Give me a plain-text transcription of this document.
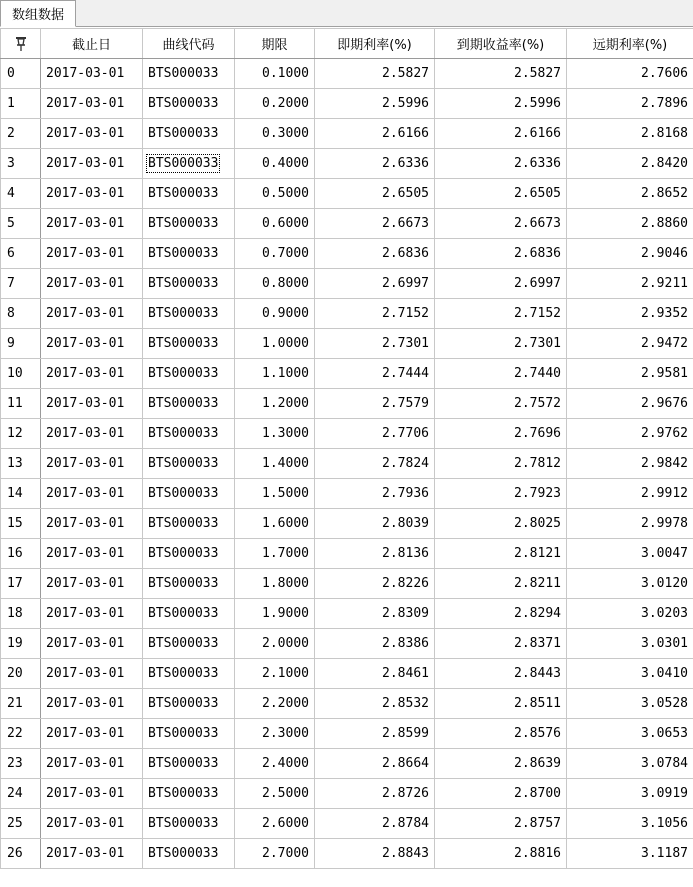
数组数据
	截止日	曲线代码	期限	即期利率(%)	到期收益率(%)	远期利率(%)
0	2017-03-01	BTS000033	0.1000	2.5827	2.5827	2.7606
1	2017-03-01	BTS000033	0.2000	2.5996	2.5996	2.7896
2	2017-03-01	BTS000033	0.3000	2.6166	2.6166	2.8168
3	2017-03-01	BTS000033	0.4000	2.6336	2.6336	2.8420
4	2017-03-01	BTS000033	0.5000	2.6505	2.6505	2.8652
5	2017-03-01	BTS000033	0.6000	2.6673	2.6673	2.8860
6	2017-03-01	BTS000033	0.7000	2.6836	2.6836	2.9046
7	2017-03-01	BTS000033	0.8000	2.6997	2.6997	2.9211
8	2017-03-01	BTS000033	0.9000	2.7152	2.7152	2.9352
9	2017-03-01	BTS000033	1.0000	2.7301	2.7301	2.9472
10	2017-03-01	BTS000033	1.1000	2.7444	2.7440	2.9581
11	2017-03-01	BTS000033	1.2000	2.7579	2.7572	2.9676
12	2017-03-01	BTS000033	1.3000	2.7706	2.7696	2.9762
13	2017-03-01	BTS000033	1.4000	2.7824	2.7812	2.9842
14	2017-03-01	BTS000033	1.5000	2.7936	2.7923	2.9912
15	2017-03-01	BTS000033	1.6000	2.8039	2.8025	2.9978
16	2017-03-01	BTS000033	1.7000	2.8136	2.8121	3.0047
17	2017-03-01	BTS000033	1.8000	2.8226	2.8211	3.0120
18	2017-03-01	BTS000033	1.9000	2.8309	2.8294	3.0203
19	2017-03-01	BTS000033	2.0000	2.8386	2.8371	3.0301
20	2017-03-01	BTS000033	2.1000	2.8461	2.8443	3.0410
21	2017-03-01	BTS000033	2.2000	2.8532	2.8511	3.0528
22	2017-03-01	BTS000033	2.3000	2.8599	2.8576	3.0653
23	2017-03-01	BTS000033	2.4000	2.8664	2.8639	3.0784
24	2017-03-01	BTS000033	2.5000	2.8726	2.8700	3.0919
25	2017-03-01	BTS000033	2.6000	2.8784	2.8757	3.1056
26	2017-03-01	BTS000033	2.7000	2.8843	2.8816	3.1187
